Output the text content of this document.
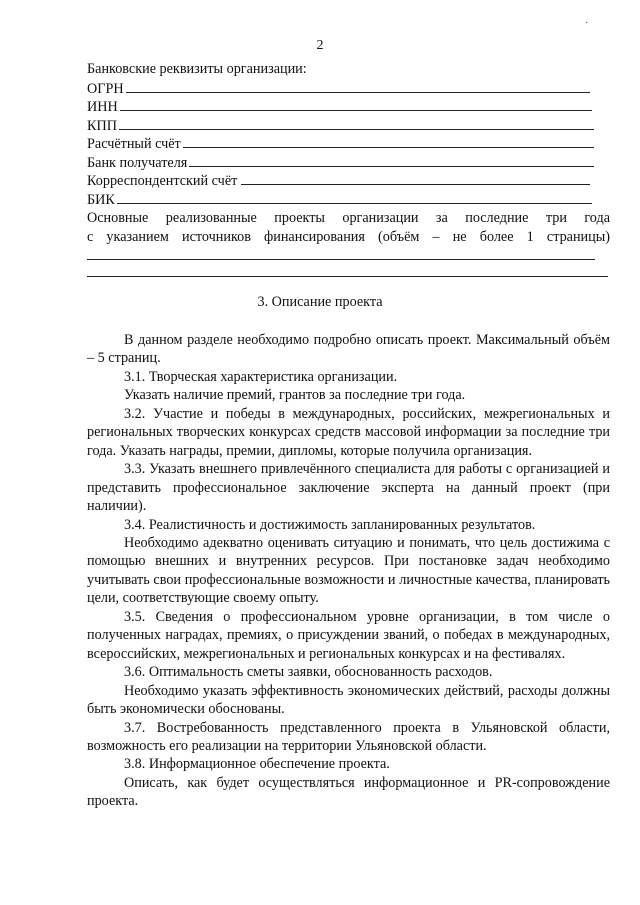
·
2
Банковские реквизиты организации:
ОГРН
ИНН
КПП
Расчётный счёт
Банк получателя
Корреспондентский счёт
БИК
Основные реализованные проекты организации за последние три года
с указанием источников финансирования (объём – не более 1 страницы)
3. Описание проекта

В данном разделе необходимо подробно описать проект. Максимальный объём – 5 страниц.

3.1. Творческая характеристика организации.

Указать наличие премий, грантов за последние три года.

3.2. Участие и победы в международных, российских, межрегиональных и региональных творческих конкурсах средств массовой информации за последние три года. Указать награды, премии, дипломы, которые получила организация.

3.3. Указать внешнего привлечённого специалиста для работы с организацией и представить профессиональное заключение эксперта на данный проект (при наличии).

3.4. Реалистичность и достижимость запланированных результатов.

Необходимо адекватно оценивать ситуацию и понимать, что цель достижима с помощью внешних и внутренних ресурсов. При постановке задач необходимо учитывать свои профессиональные возможности и личностные качества, планировать цели, соответствующие своему опыту.

3.5. Сведения о профессиональном уровне организации, в том числе о полученных наградах, премиях, о присуждении званий, о победах в международных, всероссийских, межрегиональных и региональных конкурсах и на фестивалях.

3.6. Оптимальность сметы заявки, обоснованность расходов.

Необходимо указать эффективность экономических действий, расходы должны быть экономически обоснованы.

3.7. Востребованность представленного проекта в Ульяновской области, возможность его реализации на территории Ульяновской области.

3.8. Информационное обеспечение проекта.

Описать, как будет осуществляться информационное и PR-сопровождение проекта.
